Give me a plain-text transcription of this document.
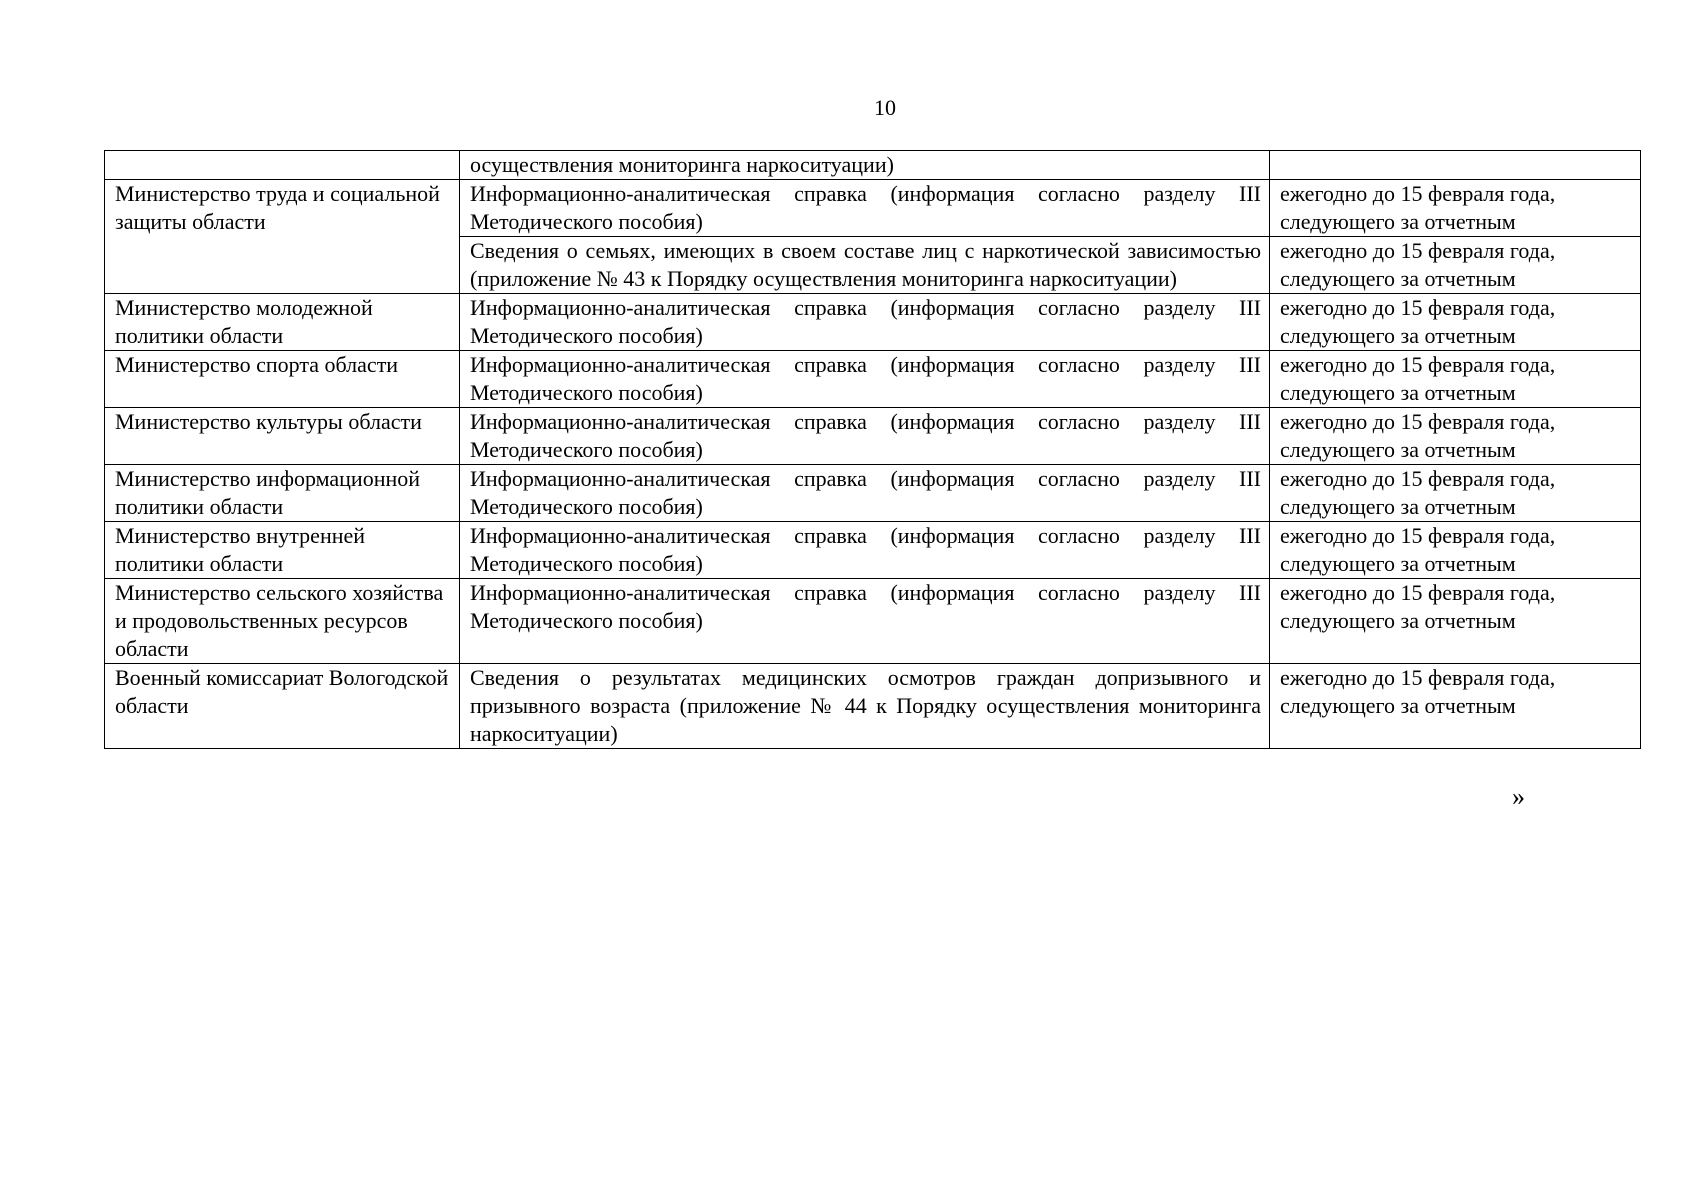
10
	осуществления мониторинга наркоситуации)	
Министерство труда и социальной защиты области	Информационно-аналитическая справка (информация согласно разделу III Методического пособия)	ежегодно до 15 февраля года, следующего за отчетным
	Сведения о семьях, имеющих в своем составе лиц с наркотической зависимостью (приложение № 43 к Порядку осуществления мониторинга наркоситуации)	ежегодно до 15 февраля года, следующего за отчетным
Министерство молодежной политики области	Информационно-аналитическая справка (информация согласно разделу III Методического пособия)	ежегодно до 15 февраля года, следующего за отчетным
Министерство спорта области	Информационно-аналитическая справка (информация согласно разделу III Методического пособия)	ежегодно до 15 февраля года, следующего за отчетным
Министерство культуры области	Информационно-аналитическая справка (информация согласно разделу III Методического пособия)	ежегодно до 15 февраля года, следующего за отчетным
Министерство информационной политики области	Информационно-аналитическая справка (информация согласно разделу III Методического пособия)	ежегодно до 15 февраля года, следующего за отчетным
Министерство внутренней политики области	Информационно-аналитическая справка (информация согласно разделу III Методического пособия)	ежегодно до 15 февраля года, следующего за отчетным
Министерство сельского хозяйства и продовольственных ресурсов области	Информационно-аналитическая справка (информация согласно разделу III Методического пособия)	ежегодно до 15 февраля года, следующего за отчетным
Военный комиссариат Вологодской области	Сведения о результатах медицинских осмотров граждан допризывного и призывного возраста (приложение № 44 к Порядку осуществления мониторинга наркоситуации)	ежегодно до 15 февраля года, следующего за отчетным
»
